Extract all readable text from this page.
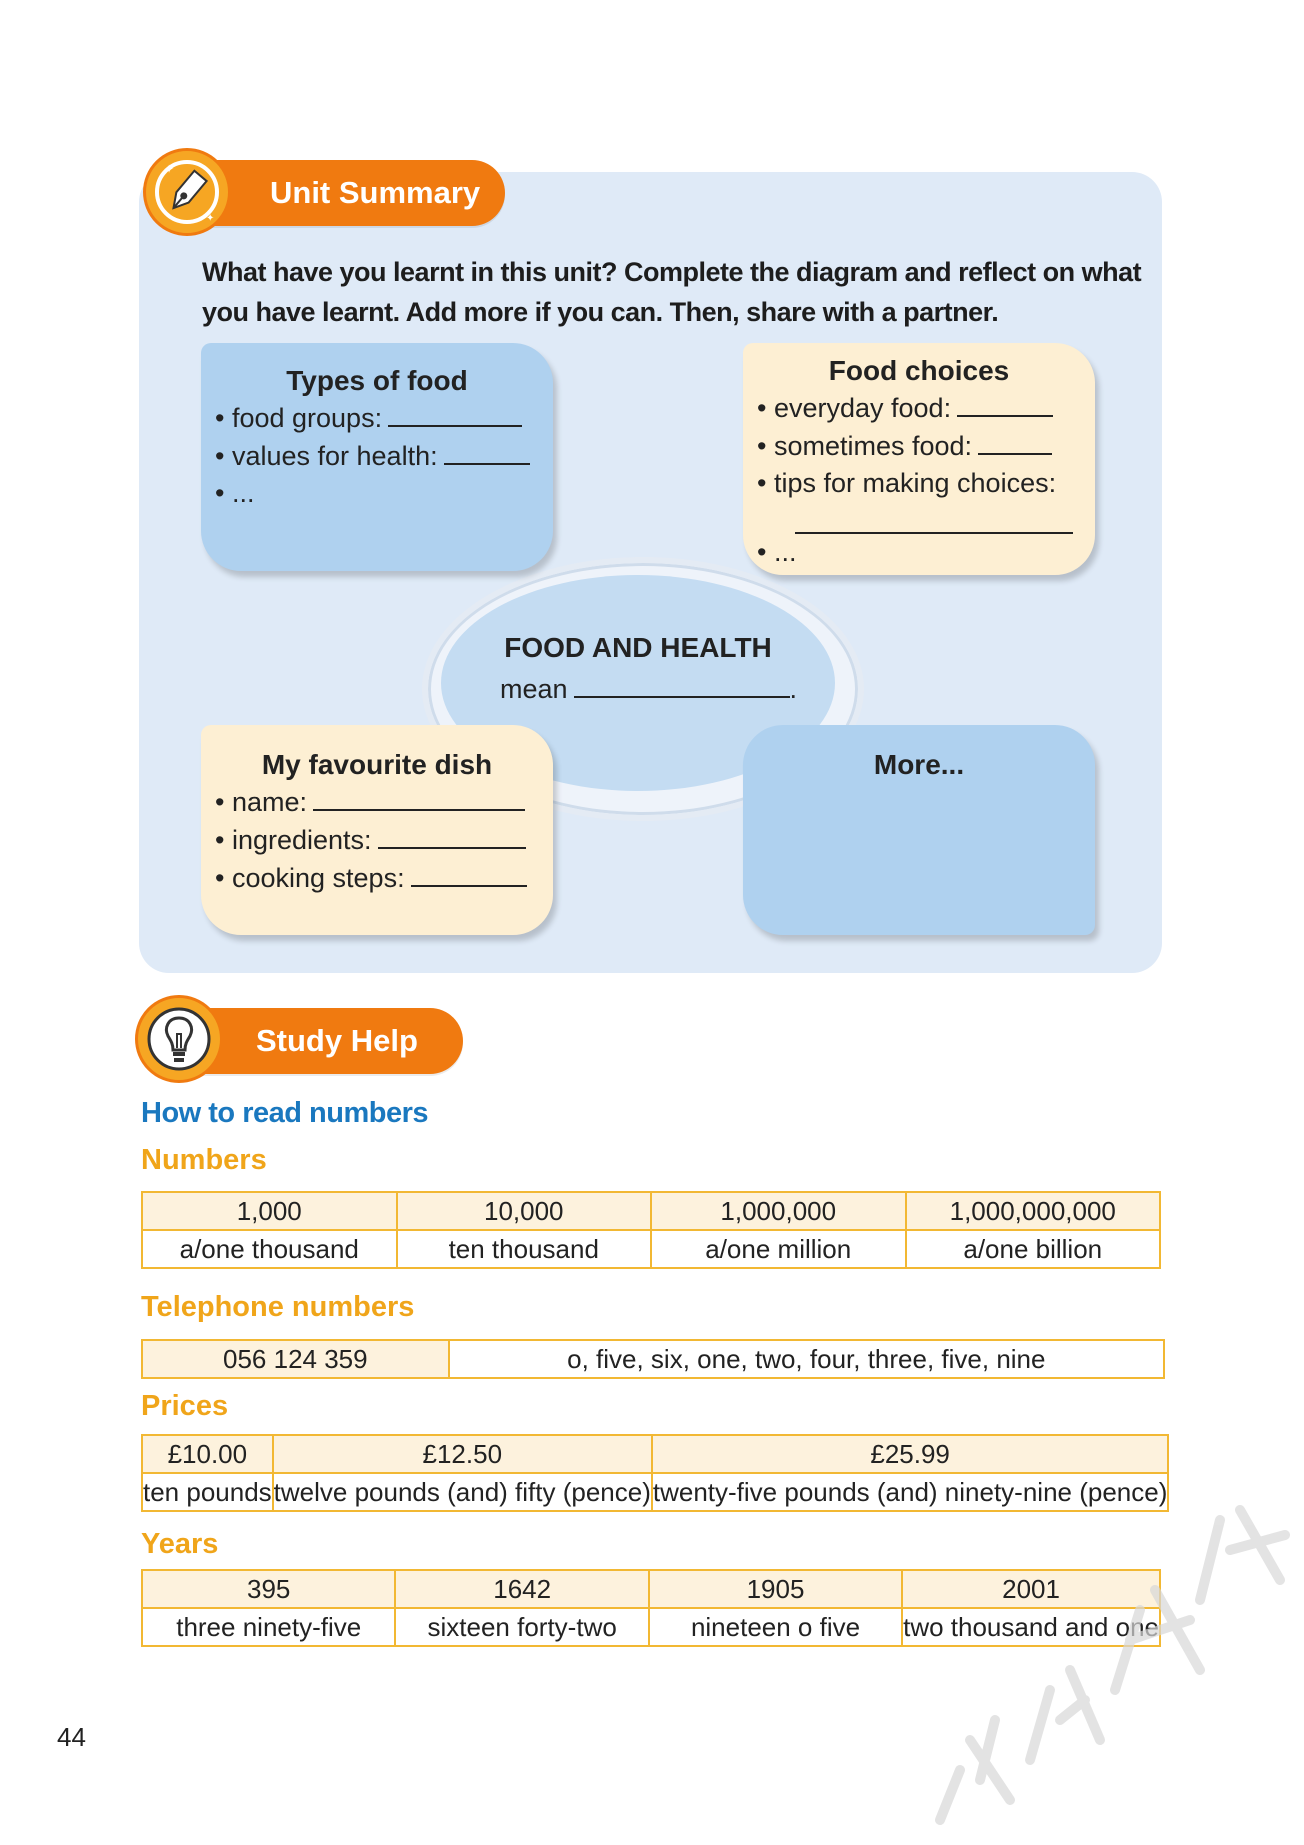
Unit Summary
✦
✦
What have you learnt in this unit? Complete the diagram and reflect on what
you have learnt. Add more if you can. Then, share with a partner.
FOOD AND HEALTH
mean	.
Types of food
• food groups:
• values for health:
• ...
Food choices
• everyday food:
• sometimes food:
• tips for making choices:
• ...
My favourite dish
• name:
• ingredients:
• cooking steps:
More...
Study Help
How to read numbers
Numbers
1,000	10,000	1,000,000	1,000,000,000
a/one thousand	ten thousand	a/one million	a/one billion
Telephone numbers
056 124 359	o, five, six, one, two, four, three, five, nine
Prices
£10.00	£12.50	£25.99
ten pounds	twelve pounds (and) fifty (pence)	twenty-five pounds (and) ninety-nine (pence)
Years
395	1642	1905	2001
three ninety-five	sixteen forty-two	nineteen o five	two thousand and one
44
